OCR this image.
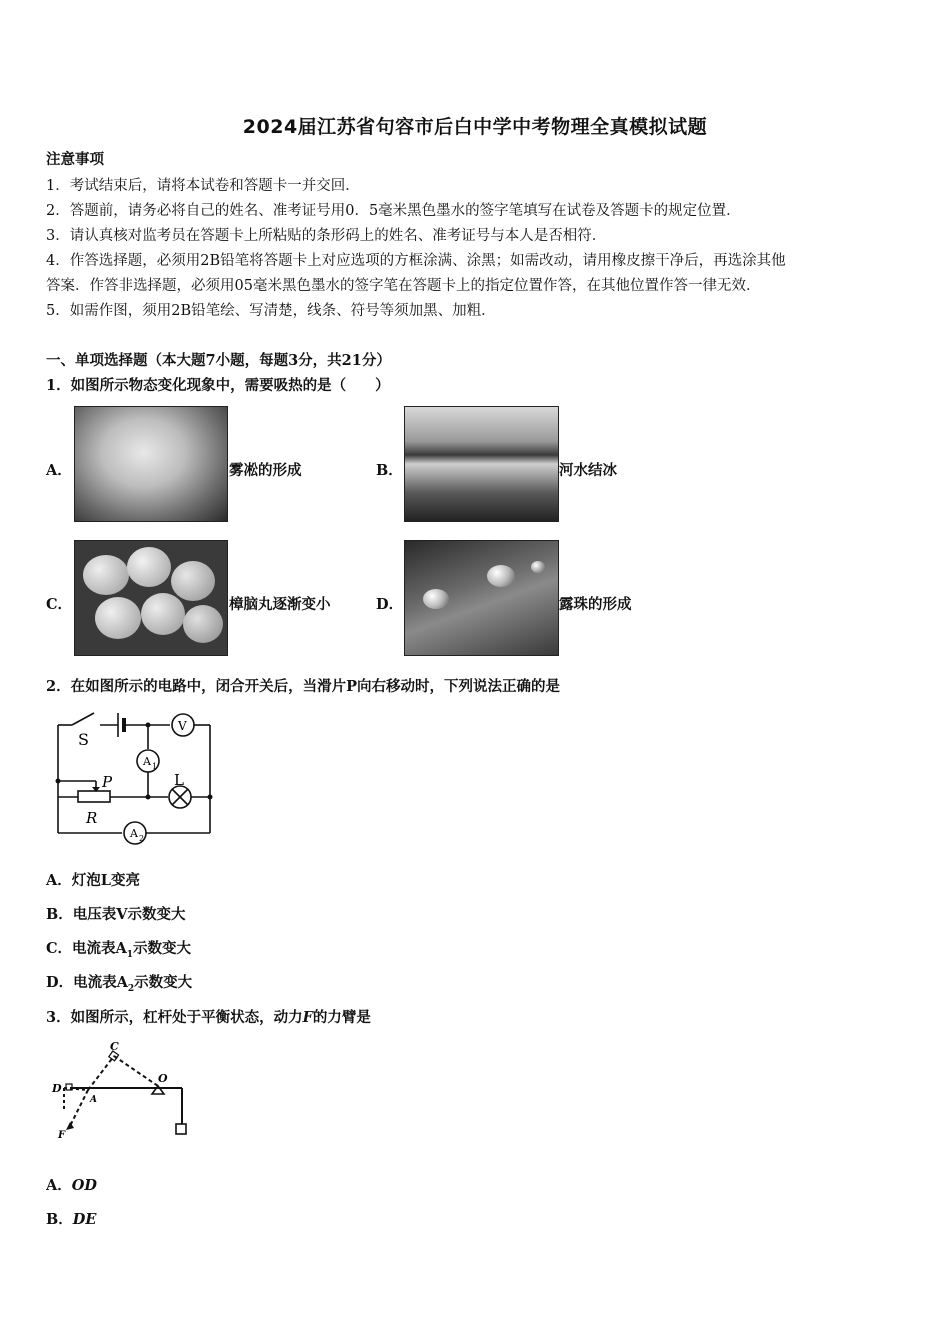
2024届江苏省句容市后白中学中考物理全真模拟试题
注意事项
1．考试结束后，请将本试卷和答题卡一并交回．
2．答题前，请务必将自己的姓名、准考证号用0．5毫米黑色墨水的签字笔填写在试卷及答题卡的规定位置．
3．请认真核对监考员在答题卡上所粘贴的条形码上的姓名、准考证号与本人是否相符．
4．作答选择题，必须用2B铅笔将答题卡上对应选项的方框涂满、涂黑；如需改动，请用橡皮擦干净后，再选涂其他
答案．作答非选择题，必须用05毫米黑色墨水的签字笔在答题卡上的指定位置作答，在其他位置作答一律无效．
5．如需作图，须用2B铅笔绘、写清楚，线条、符号等须加黑、加粗．
一、单项选择题（本大题7小题，每题3分，共21分）
1．如图所示物态变化现象中，需要吸热的是（　　）
A．	雾凇的形成	B．	河水结冰
C．	樟脑丸逐渐变小	D．	露珠的形成
2．在如图所示的电路中，闭合开关后，当滑片P向右移动时，下列说法正确的是
S
V
A 1
L
P
R
A 2
A．灯泡L变亮
B．电压表V示数变大
C．电流表$A_1$示数变大
D．电流表$A_2$示数变大
3．如图所示，杠杆处于平衡状态，动力F的力臂是
C
D
A
O
F
A．OD
B．DE
